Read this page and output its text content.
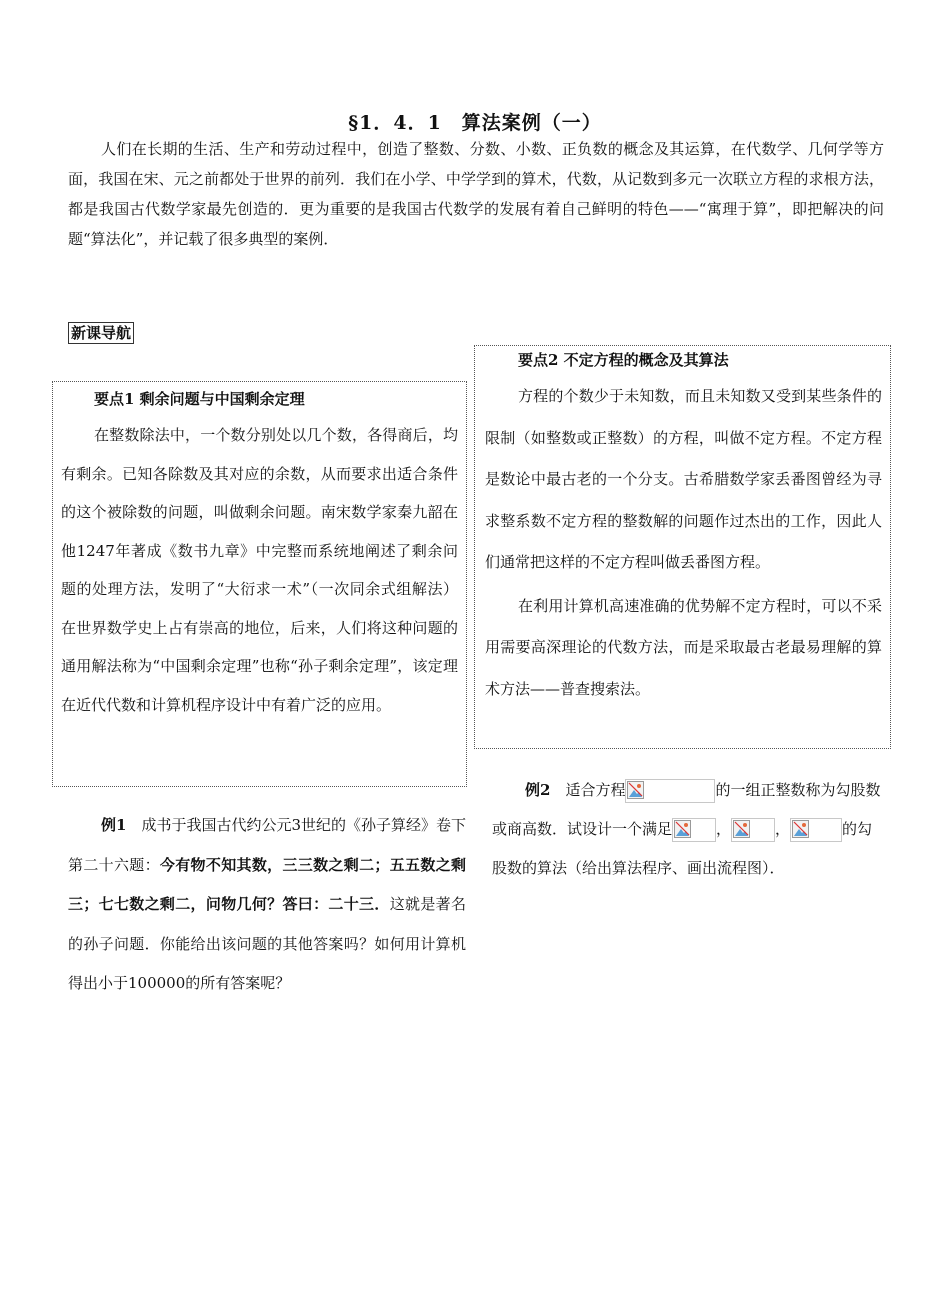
§1．4．1　算法案例（一）
人们在长期的生活、生产和劳动过程中，创造了整数、分数、小数、正负数的概念及其运算，在代数学、几何学等方面，我国在宋、元之前都处于世界的前列．我们在小学、中学学到的算术，代数，从记数到多元一次联立方程的求根方法，都是我国古代数学家最先创造的．更为重要的是我国古代数学的发展有着自己鲜明的特色——“寓理于算”，即把解决的问题“算法化”，并记载了很多典型的案例．
新课导航
要点1 剩余问题与中国剩余定理
在整数除法中，一个数分别处以几个数，各得商后，均有剩余。已知各除数及其对应的余数，从而要求出适合条件的这个被除数的问题，叫做剩余问题。南宋数学家秦九韶在他1247年著成《数书九章》中完整而系统地阐述了剩余问题的处理方法，发明了“大衍求一术”（一次同余式组解法）在世界数学史上占有崇高的地位，后来，人们将这种问题的通用解法称为“中国剩余定理”也称“孙子剩余定理”，该定理在近代代数和计算机程序设计中有着广泛的应用。
要点2 不定方程的概念及其算法
方程的个数少于未知数，而且未知数又受到某些条件的限制（如整数或正整数）的方程，叫做不定方程。不定方程是数论中最古老的一个分支。古希腊数学家丢番图曾经为寻求整系数不定方程的整数解的问题作过杰出的工作，因此人们通常把这样的不定方程叫做丢番图方程。
在利用计算机高速准确的优势解不定方程时，可以不采用需要高深理论的代数方法，而是采取最古老最易理解的算术方法——普查搜索法。
例1　成书于我国古代约公元3世纪的《孙子算经》卷下第二十六题：今有物不知其数，三三数之剩二；五五数之剩三；七七数之剩二，问物几何？答曰：二十三．这就是著名的孙子问题．你能给出该问题的其他答案吗？如何用计算机得出小于100000的所有答案呢？
例2　适合方程	的一组正整数称为勾股数或商高数．试设计一个满足	，	，	的勾股数的算法（给出算法程序、画出流程图）．
